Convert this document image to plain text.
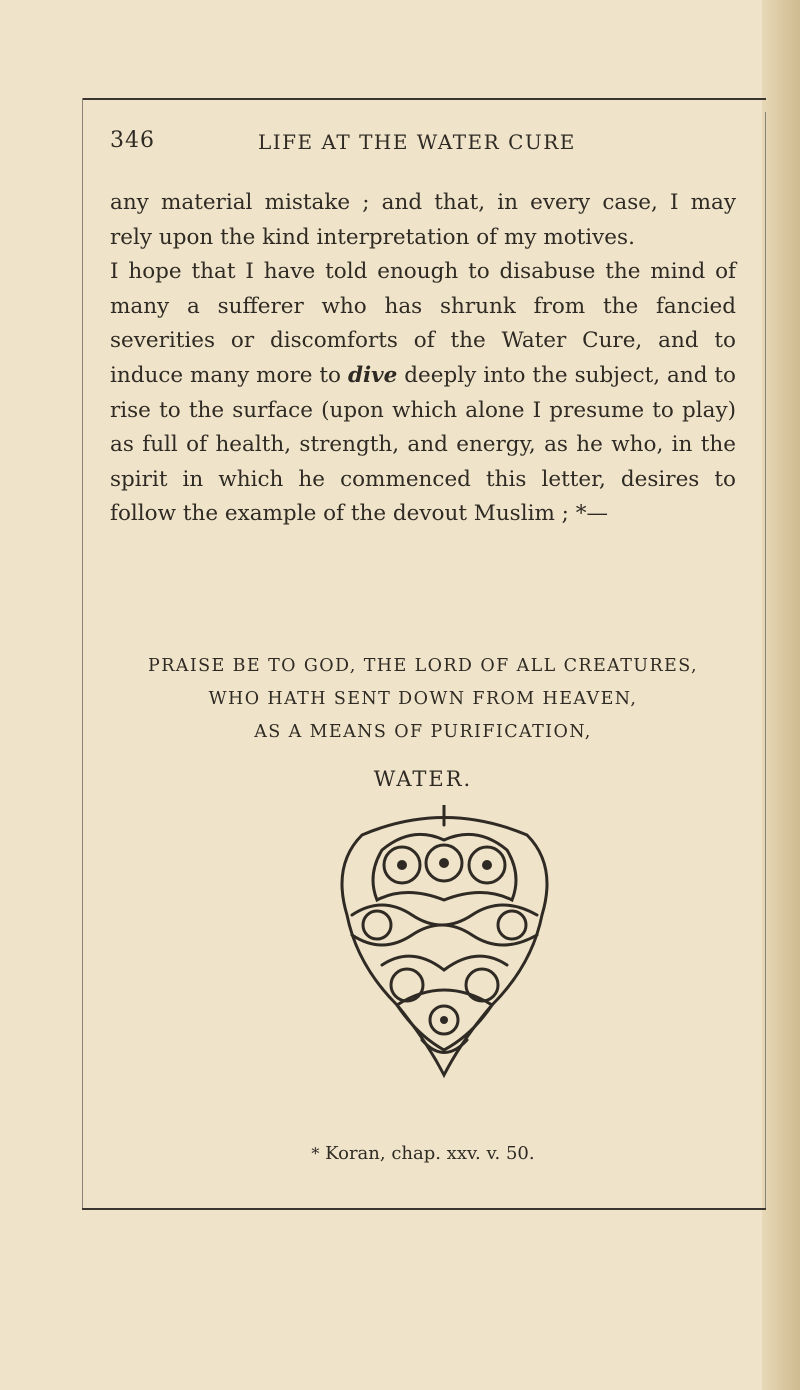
346	LIFE AT THE WATER CURE

any material mistake ; and that, in every case, I may

rely upon the kind interpretation of my motives.

I hope that I have told enough to disabuse the mind of many a sufferer who has shrunk from the fancied severities or discomforts of the Water Cure, and to induce many more to dive deeply into the subject, and to rise to the surface (upon which alone I presume to play) as full of health, strength, and energy, as he who, in the spirit in which he commenced this letter, desires to follow the example of the devout Muslim ; *—

PRAISE BE TO GOD, THE LORD OF ALL CREATURES,
WHO HATH SENT DOWN FROM HEAVEN,
AS A MEANS OF PURIFICATION,
WATER.
* Koran, chap. xxv. v. 50.
